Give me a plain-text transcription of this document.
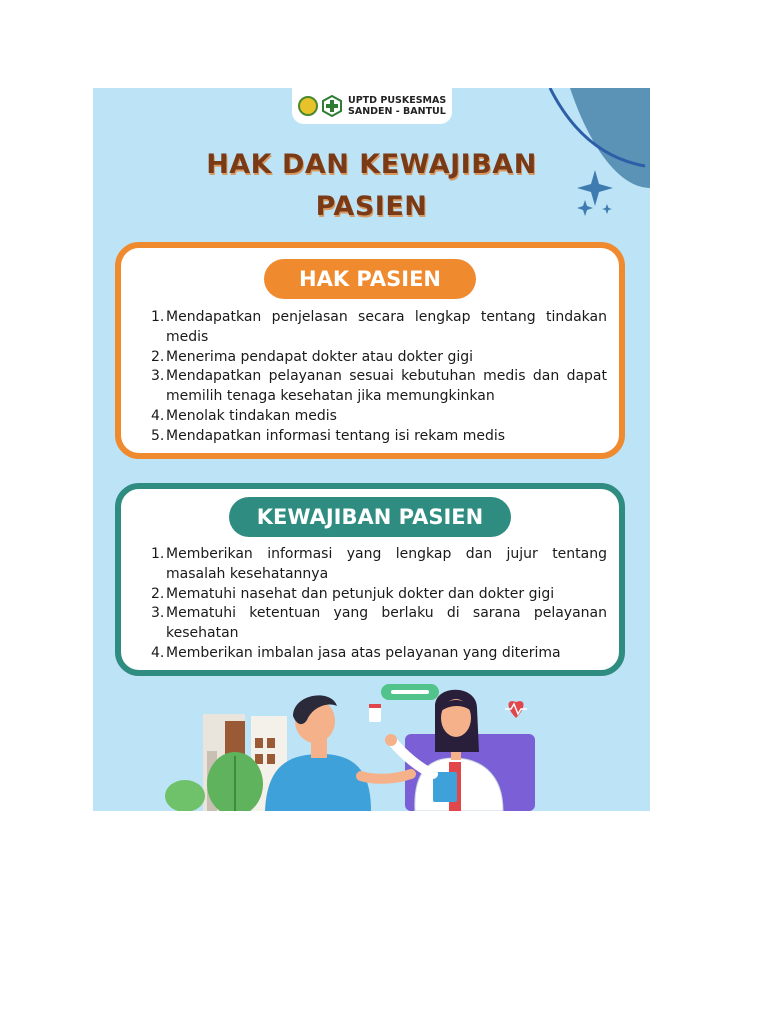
UPTD PUSKESMAS
SANDEN - BANTUL
HAK DAN KEWAJIBAN
PASIEN
HAK PASIEN
1. Mendapatkan penjelasan secara lengkap tentang tindakan medis
2. Menerima pendapat dokter atau dokter gigi
3. Mendapatkan pelayanan sesuai kebutuhan medis dan dapat memilih tenaga kesehatan jika memungkinkan
4. Menolak tindakan medis
5. Mendapatkan informasi tentang isi rekam medis
KEWAJIBAN PASIEN
1. Memberikan informasi yang lengkap dan jujur tentang masalah kesehatannya
2. Mematuhi nasehat dan petunjuk dokter dan dokter gigi
3. Mematuhi ketentuan yang berlaku di sarana pelayanan kesehatan
4. Memberikan imbalan jasa atas pelayanan yang diterima
